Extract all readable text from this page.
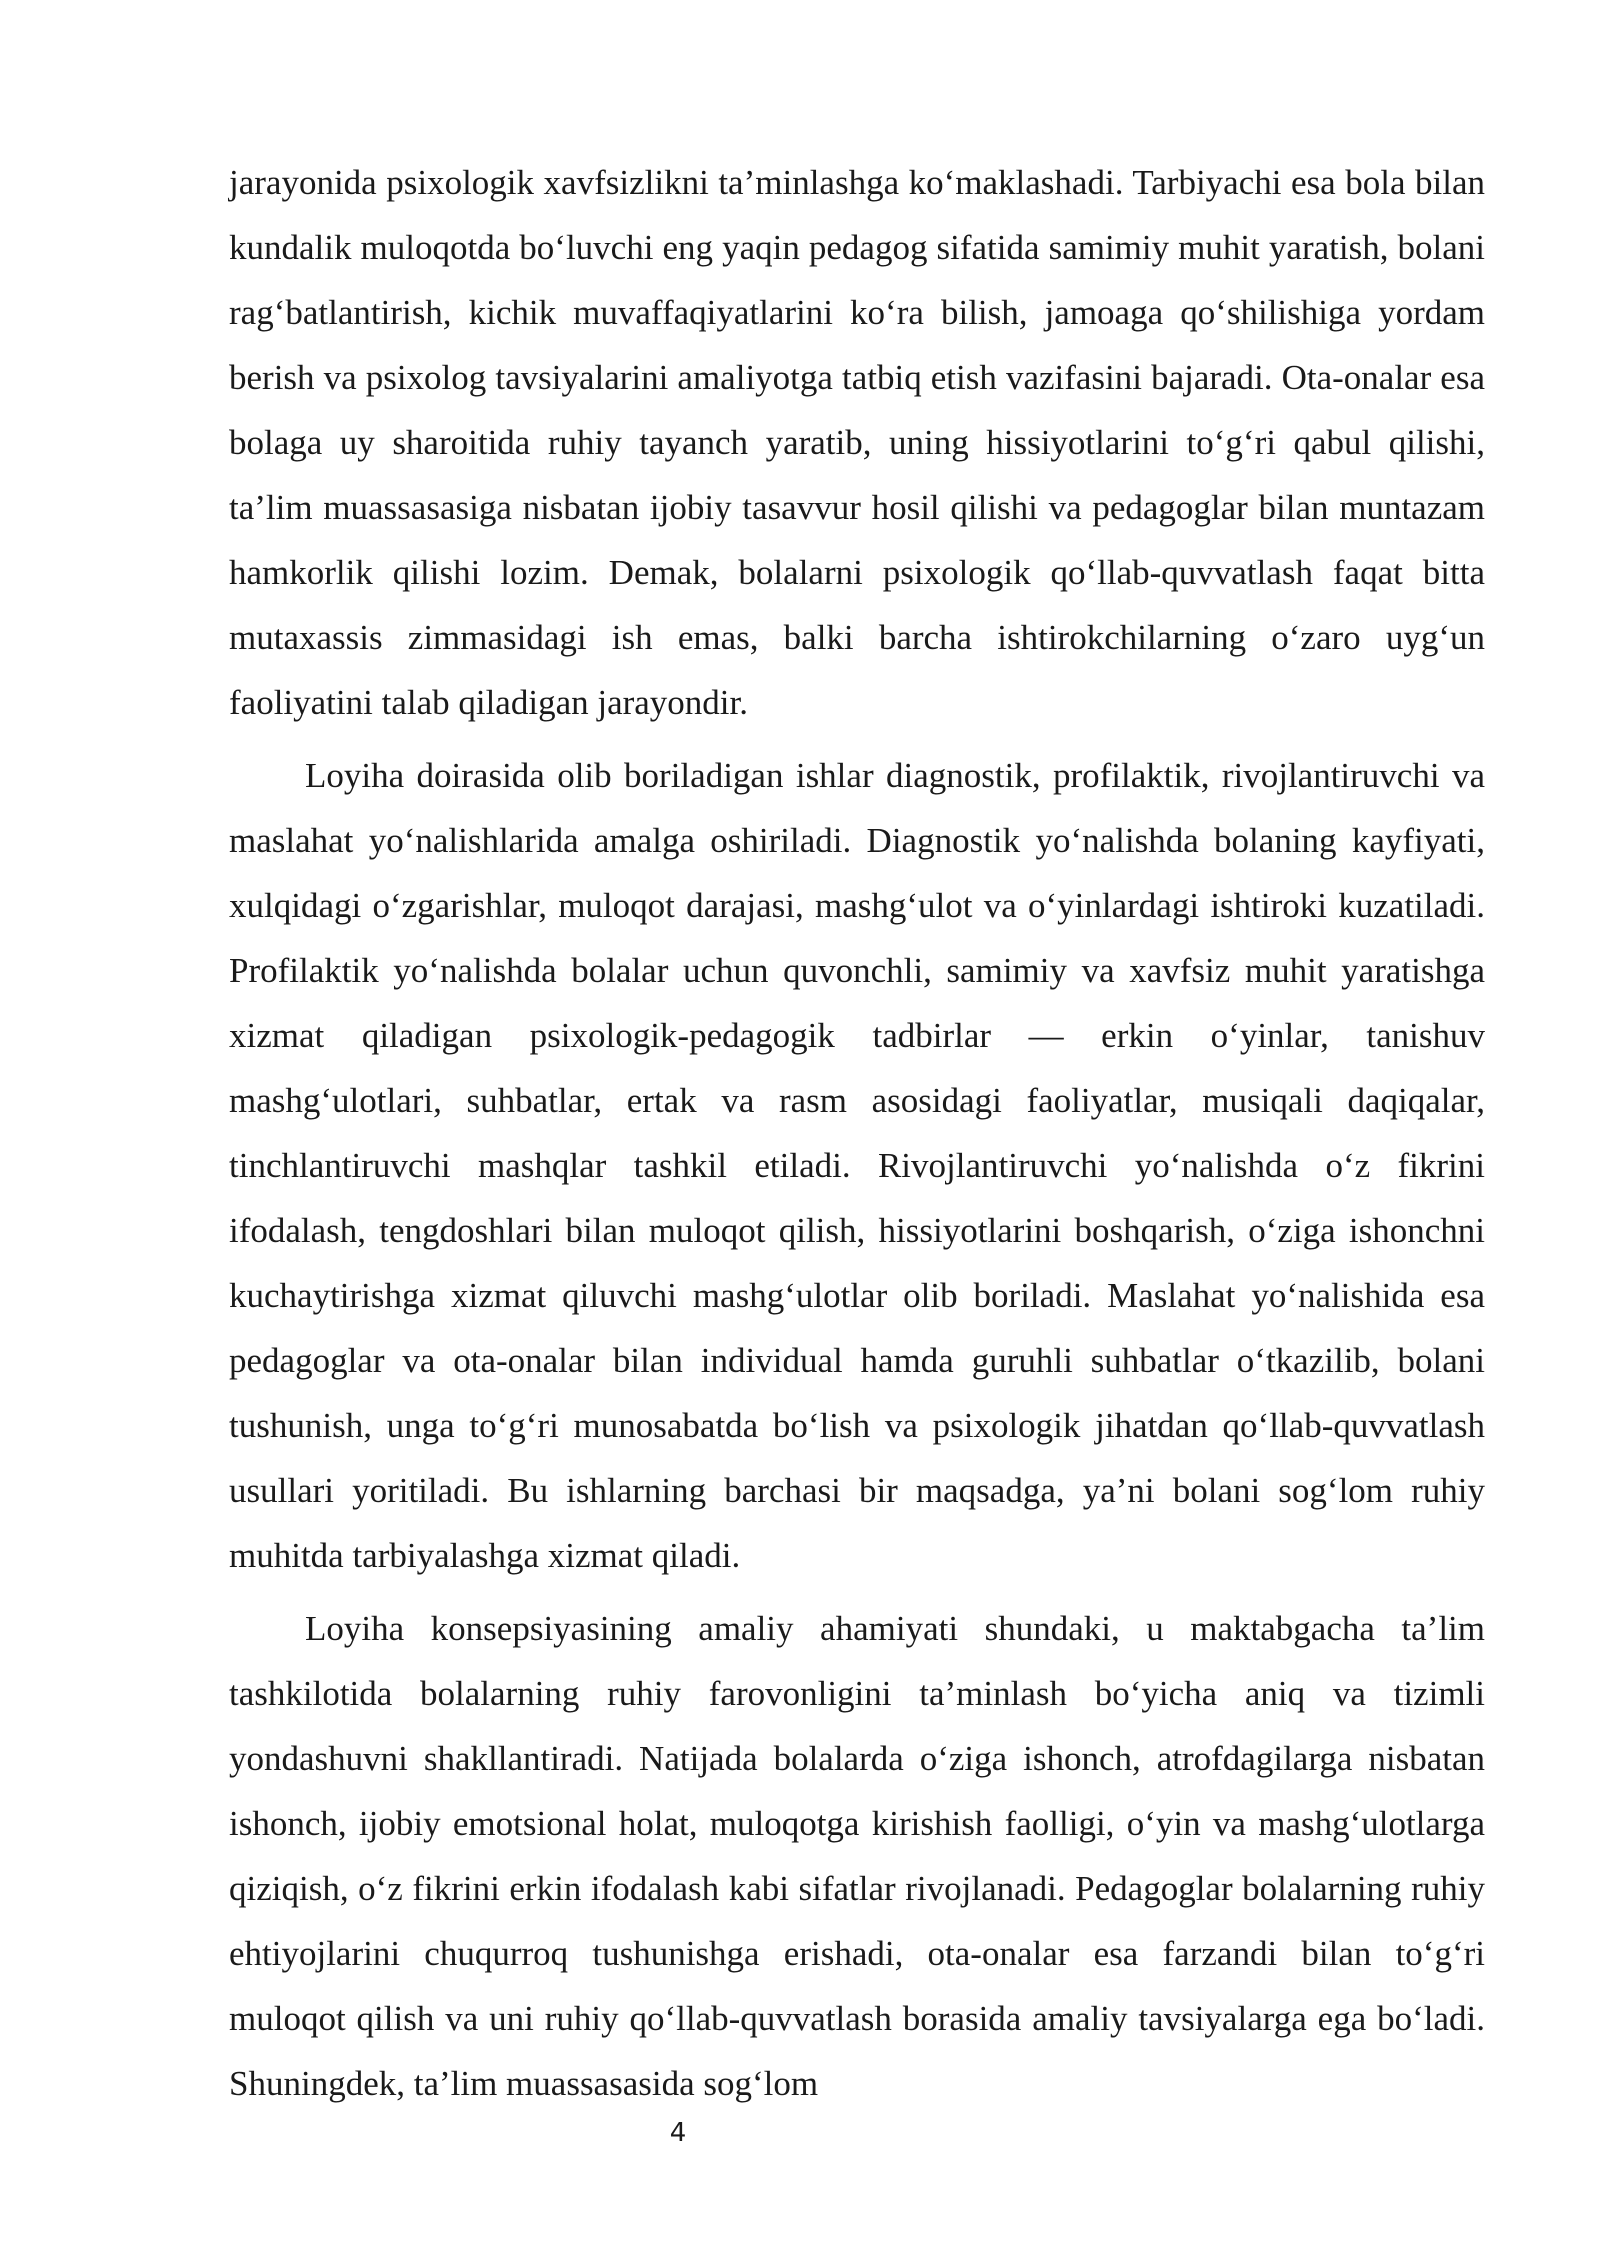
jarayonida psixologik xavfsizlikni ta’minlashga ko‘maklashadi. Tarbiyachi esa bola bilan kundalik muloqotda bo‘luvchi eng yaqin pedagog sifatida samimiy muhit yaratish, bolani rag‘batlantirish, kichik muvaffaqiyatlarini ko‘ra bilish, jamoaga qo‘shilishiga yordam berish va psixolog tavsiyalarini amaliyotga tatbiq etish vazifasini bajaradi. Ota-onalar esa bolaga uy sharoitida ruhiy tayanch yaratib, uning hissiyotlarini to‘g‘ri qabul qilishi, ta’lim muassasasiga nisbatan ijobiy tasavvur hosil qilishi va pedagoglar bilan muntazam hamkorlik qilishi lozim. Demak, bolalarni psixologik qo‘llab-quvvatlash faqat bitta mutaxassis zimmasidagi ish emas, balki barcha ishtirokchilarning o‘zaro uyg‘un faoliyatini talab qiladigan jarayondir.

Loyiha doirasida olib boriladigan ishlar diagnostik, profilaktik, rivojlantiruvchi va maslahat yo‘nalishlarida amalga oshiriladi. Diagnostik yo‘nalishda bolaning kayfiyati, xulqidagi o‘zgarishlar, muloqot darajasi, mashg‘ulot va o‘yinlardagi ishtiroki kuzatiladi. Profilaktik yo‘nalishda bolalar uchun quvonchli, samimiy va xavfsiz muhit yaratishga xizmat qiladigan psixologik-pedagogik tadbirlar — erkin o‘yinlar, tanishuv mashg‘ulotlari, suhbatlar, ertak va rasm asosidagi faoliyatlar, musiqali daqiqalar, tinchlantiruvchi mashqlar tashkil etiladi. Rivojlantiruvchi yo‘nalishda o‘z fikrini ifodalash, tengdoshlari bilan muloqot qilish, hissiyotlarini boshqarish, o‘ziga ishonchni kuchaytirishga xizmat qiluvchi mashg‘ulotlar olib boriladi. Maslahat yo‘nalishida esa pedagoglar va ota-onalar bilan individual hamda guruhli suhbatlar o‘tkazilib, bolani tushunish, unga to‘g‘ri munosabatda bo‘lish va psixologik jihatdan qo‘llab-quvvatlash usullari yoritiladi. Bu ishlarning barchasi bir maqsadga, ya’ni bolani sog‘lom ruhiy muhitda tarbiyalashga xizmat qiladi.

Loyiha konsepsiyasining amaliy ahamiyati shundaki, u maktabgacha ta’lim tashkilotida bolalarning ruhiy farovonligini ta’minlash bo‘yicha aniq va tizimli yondashuvni shakllantiradi. Natijada bolalarda o‘ziga ishonch, atrofdagilarga nisbatan ishonch, ijobiy emotsional holat, muloqotga kirishish faolligi, o‘yin va mashg‘ulotlarga qiziqish, o‘z fikrini erkin ifodalash kabi sifatlar rivojlanadi. Pedagoglar bolalarning ruhiy ehtiyojlarini chuqurroq tushunishga erishadi, ota-onalar esa farzandi bilan to‘g‘ri muloqot qilish va uni ruhiy qo‘llab-quvvatlash borasida amaliy tavsiyalarga ega bo‘ladi. Shuningdek, ta’lim muassasasida sog‘lom

4
